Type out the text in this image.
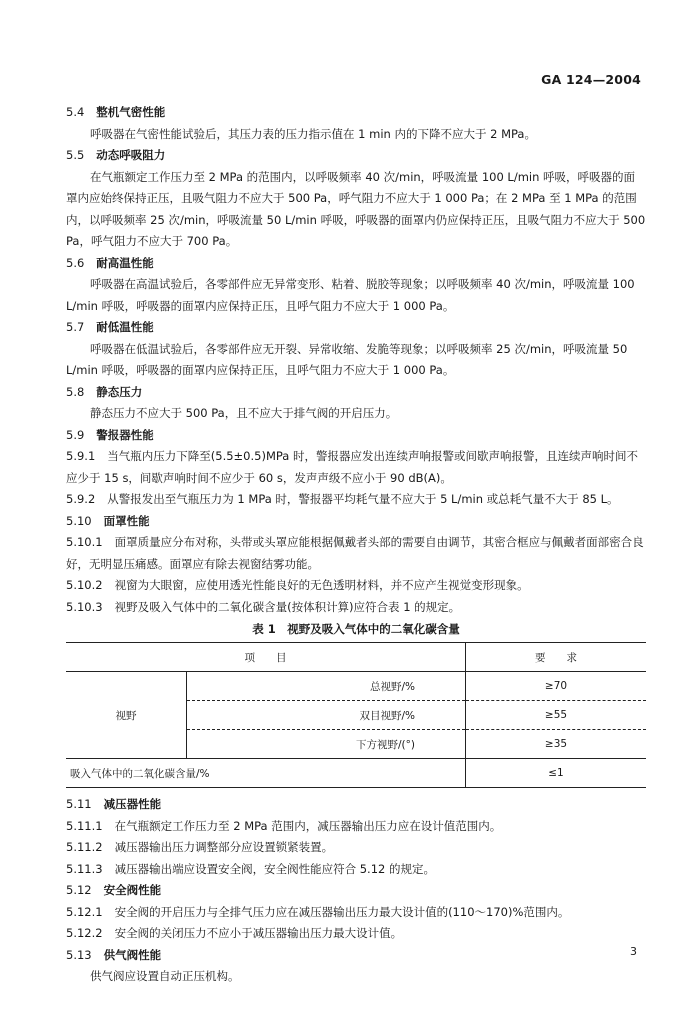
GA 124—2004

5.4 整机气密性能

呼吸器在气密性能试验后，其压力表的压力指示值在 1 min 内的下降不应大于 2 MPa。

5.5 动态呼吸阻力

在气瓶额定工作压力至 2 MPa 的范围内，以呼吸频率 40 次/min，呼吸流量 100 L/min 呼吸，呼吸器的面罩内应始终保持正压，且吸气阻力不应大于 500 Pa，呼气阻力不应大于 1 000 Pa；在 2 MPa 至 1 MPa 的范围内，以呼吸频率 25 次/min，呼吸流量 50 L/min 呼吸，呼吸器的面罩内仍应保持正压，且吸气阻力不应大于 500 Pa，呼气阻力不应大于 700 Pa。

5.6 耐高温性能

呼吸器在高温试验后，各零部件应无异常变形、粘着、脱胶等现象；以呼吸频率 40 次/min，呼吸流量 100 L/min 呼吸，呼吸器的面罩内应保持正压，且呼气阻力不应大于 1 000 Pa。

5.7 耐低温性能

呼吸器在低温试验后，各零部件应无开裂、异常收缩、发脆等现象；以呼吸频率 25 次/min，呼吸流量 50 L/min 呼吸，呼吸器的面罩内应保持正压，且呼气阻力不应大于 1 000 Pa。

5.8 静态压力

静态压力不应大于 500 Pa，且不应大于排气阀的开启压力。

5.9 警报器性能

5.9.1 当气瓶内压力下降至(5.5±0.5)MPa 时，警报器应发出连续声响报警或间歇声响报警，且连续声响时间不应少于 15 s，间歇声响时间不应少于 60 s，发声声级不应小于 90 dB(A)。

5.9.2 从警报发出至气瓶压力为 1 MPa 时，警报器平均耗气量不应大于 5 L/min 或总耗气量不大于 85 L。

5.10 面罩性能

5.10.1 面罩质量应分布对称，头带或头罩应能根据佩戴者头部的需要自由调节，其密合框应与佩戴者面部密合良好，无明显压痛感。面罩应有除去视窗结雾功能。

5.10.2 视窗为大眼窗，应使用透光性能良好的无色透明材料，并不应产生视觉变形现象。

5.10.3 视野及吸入气体中的二氧化碳含量(按体积计算)应符合表 1 的规定。

表 1　视野及吸入气体中的二氧化碳含量

项　　目		要　　求
视野	总视野/%	≥70
	双目视野/%	≥55
	下方视野/(°)	≥35
吸入气体中的二氧化碳含量/%		≤1

5.11 减压器性能

5.11.1 在气瓶额定工作压力至 2 MPa 范围内，减压器输出压力应在设计值范围内。

5.11.2 减压器输出压力调整部分应设置锁紧装置。

5.11.3 减压器输出端应设置安全阀，安全阀性能应符合 5.12 的规定。

5.12 安全阀性能

5.12.1 安全阀的开启压力与全排气压力应在减压器输出压力最大设计值的(110～170)%范围内。

5.12.2 安全阀的关闭压力不应小于减压器输出压力最大设计值。

5.13 供气阀性能

供气阀应设置自动正压机构。

3
